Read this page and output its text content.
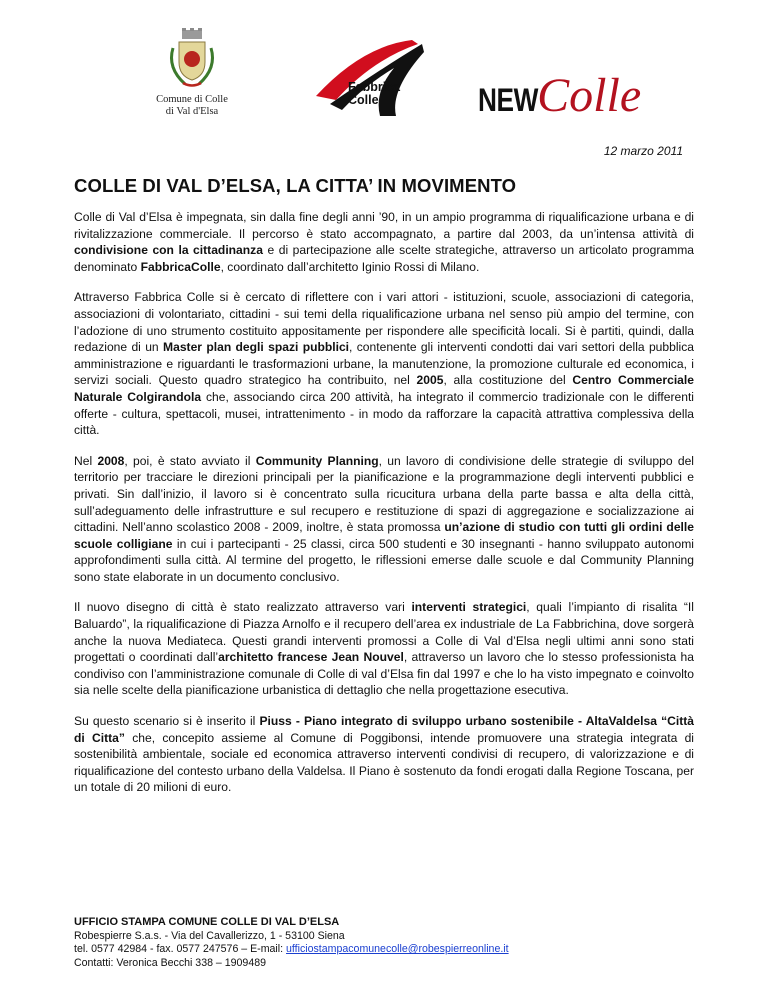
Comune di Colle
di Val d'Elsa
Fabbrica
Colle	NEWColle
12 marzo 2011
COLLE DI VAL D’ELSA, LA CITTA’ IN MOVIMENTO

Colle di Val d’Elsa è impegnata, sin dalla fine degli anni ’90, in un ampio programma di riqualificazione urbana e di rivitalizzazione commerciale. Il percorso è stato accompagnato, a partire dal 2003, da un’intensa attività di condivisione con la cittadinanza e di partecipazione alle scelte strategiche, attraverso un articolato programma denominato FabbricaColle, coordinato dall’architetto Iginio Rossi di Milano.

Attraverso Fabbrica Colle si è cercato di riflettere con i vari attori - istituzioni, scuole, associazioni di categoria, associazioni di volontariato, cittadini - sui temi della riqualificazione urbana nel senso più ampio del termine, con l’adozione di uno strumento costituito appositamente per rispondere alle specificità locali. Si è partiti, quindi, dalla redazione di un Master plan degli spazi pubblici, contenente gli interventi condotti dai vari settori della pubblica amministrazione e riguardanti le trasformazioni urbane, la manutenzione, la promozione culturale ed economica, i servizi sociali. Questo quadro strategico ha contribuito, nel 2005, alla costituzione del Centro Commerciale Naturale Colgirandola che, associando circa 200 attività, ha integrato il commercio tradizionale con le differenti offerte - cultura, spettacoli, musei, intrattenimento - in modo da rafforzare la capacità attrattiva complessiva della città.

Nel 2008, poi, è stato avviato il Community Planning, un lavoro di condivisione delle strategie di sviluppo del territorio per tracciare le direzioni principali per la pianificazione e la programmazione degli interventi pubblici e privati. Sin dall’inizio, il lavoro si è concentrato sulla ricucitura urbana della parte bassa e alta della città, sull’adeguamento delle infrastrutture e sul recupero e restituzione di spazi di aggregazione e socializzazione ai cittadini. Nell’anno scolastico 2008 - 2009, inoltre, è stata promossa un’azione di studio con tutti gli ordini delle scuole colligiane in cui i partecipanti - 25 classi, circa 500 studenti e 30 insegnanti - hanno sviluppato autonomi approfondimenti sulla città. Al termine del progetto, le riflessioni emerse dalle scuole e dal Community Planning sono state elaborate in un documento conclusivo.

Il nuovo disegno di città è stato realizzato attraverso vari interventi strategici, quali l’impianto di risalita “Il Baluardo”, la riqualificazione di Piazza Arnolfo e il recupero dell’area ex industriale de La Fabbrichina, dove sorgerà anche la nuova Mediateca. Questi grandi interventi promossi a Colle di Val d’Elsa negli ultimi anni sono stati progettati o coordinati dall’architetto francese Jean Nouvel, attraverso un lavoro che lo stesso professionista ha condiviso con l’amministrazione comunale di Colle di val d’Elsa fin dal 1997 e che lo ha visto impegnato e coinvolto sia nelle scelte della pianificazione urbanistica di dettaglio che nella progettazione esecutiva.

Su questo scenario si è inserito il Piuss - Piano integrato di sviluppo urbano sostenibile - AltaValdelsa “Città di Citta” che, concepito assieme al Comune di Poggibonsi, intende promuovere una strategia integrata di sostenibilità ambientale, sociale ed economica attraverso interventi condivisi di recupero, di valorizzazione e di riqualificazione del contesto urbano della Valdelsa. Il Piano è sostenuto da fondi erogati dalla Regione Toscana, per un totale di 20 milioni di euro.

UFFICIO STAMPA COMUNE COLLE DI VAL D’ELSA
Robespierre S.a.s. - Via del Cavallerizzo, 1 - 53100 Siena
tel. 0577 42984 - fax. 0577 247576 – E-mail: ufficiostampacomunecolle@robespierreonline.it
Contatti: Veronica Becchi 338 – 1909489
